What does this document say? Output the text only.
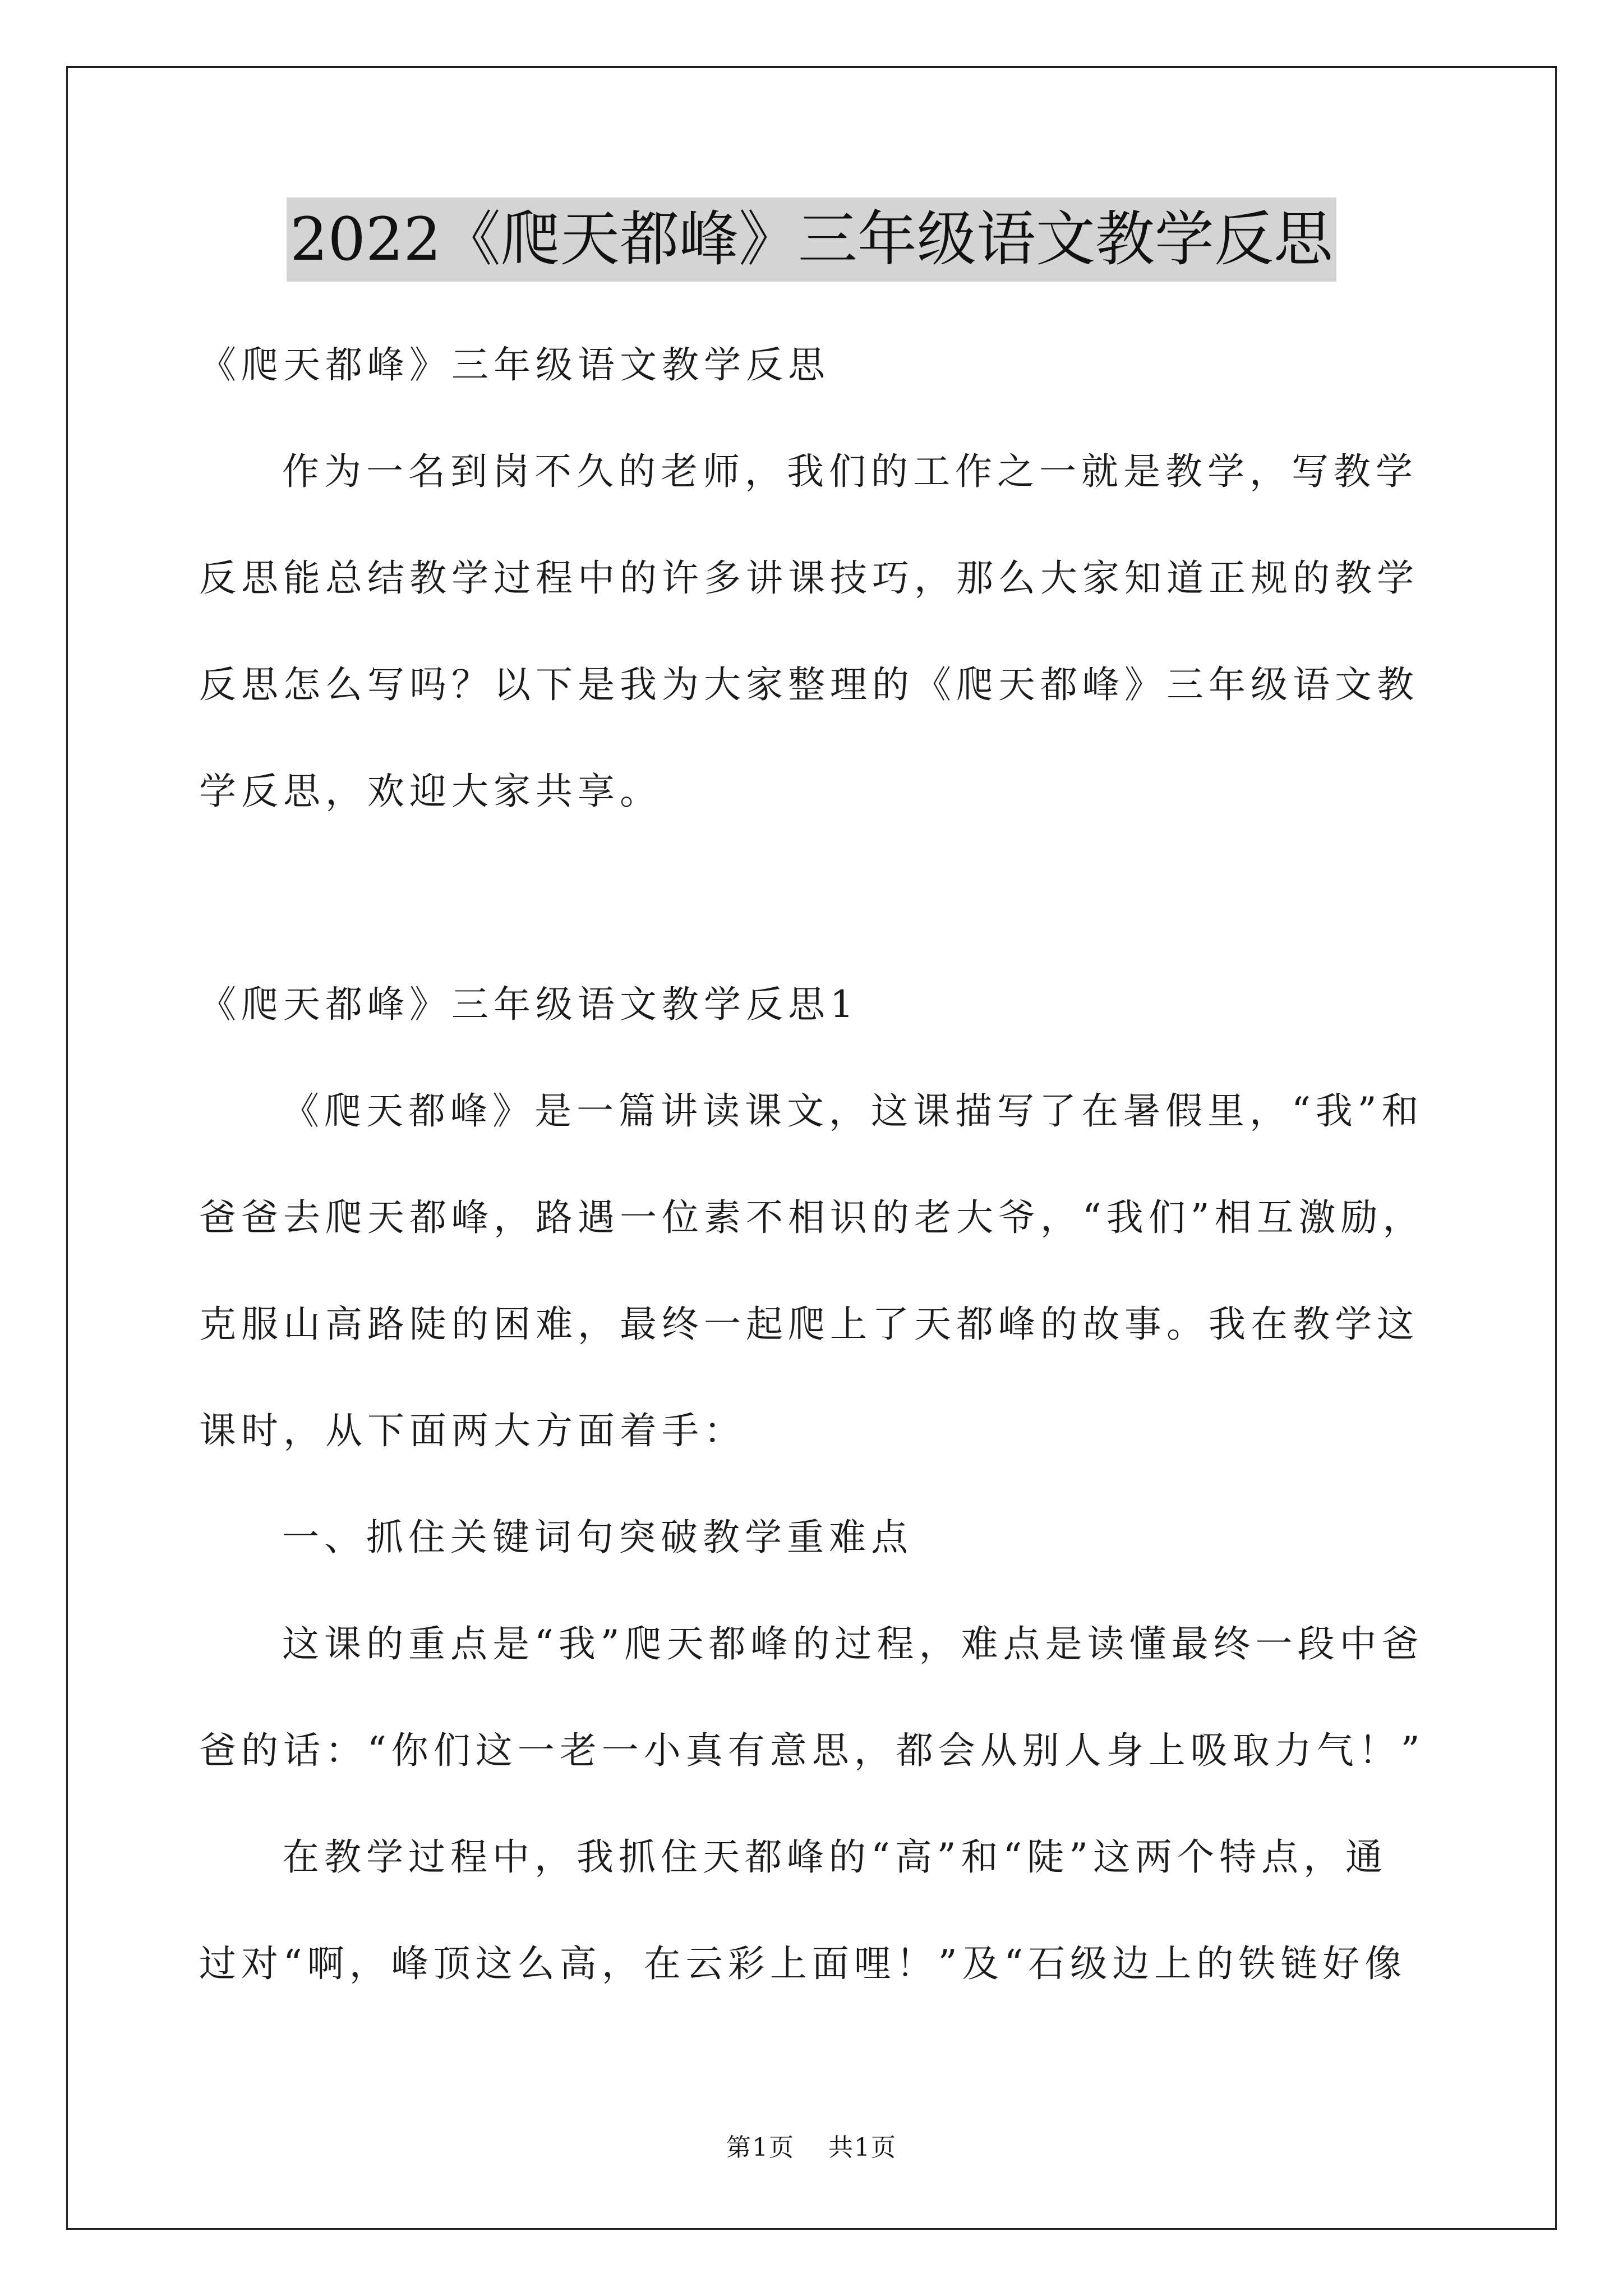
2022《爬天都峰》三年级语文教学反思

《爬天都峰》三年级语文教学反思

作为一名到岗不久的老师，我们的工作之一就是教学，写教学反思能总结教学过程中的许多讲课技巧，那么大家知道正规的教学反思怎么写吗？以下是我为大家整理的《爬天都峰》三年级语文教学反思，欢迎大家共享。

《爬天都峰》三年级语文教学反思1

《爬天都峰》是一篇讲读课文，这课描写了在暑假里，“我”和爸爸去爬天都峰，路遇一位素不相识的老大爷，“我们”相互激励，克服山高路陡的困难，最终一起爬上了天都峰的故事。我在教学这课时，从下面两大方面着手：

一、抓住关键词句突破教学重难点

这课的重点是“我”爬天都峰的过程，难点是读懂最终一段中爸爸的话：“你们这一老一小真有意思，都会从别人身上吸取力气！”

在教学过程中，我抓住天都峰的“高”和“陡”这两个特点，通过对“啊，峰顶这么高，在云彩上面哩！”及“石级边上的铁链好像

第1页 共1页
